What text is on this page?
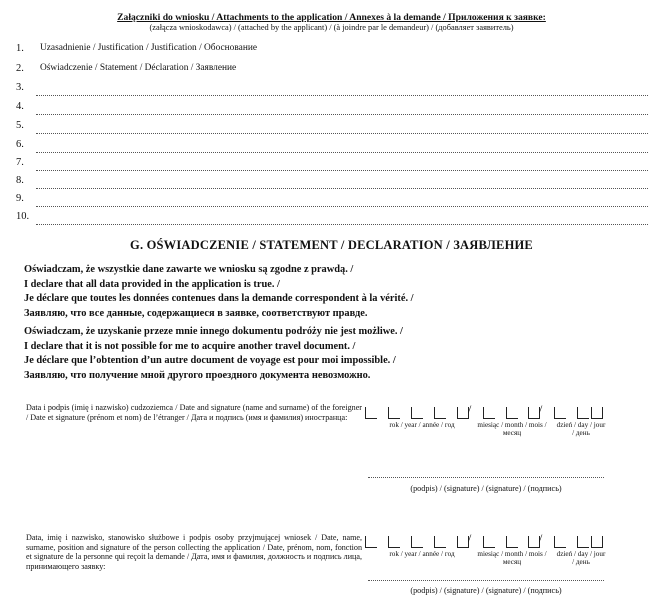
Załączniki do wniosku / Attachments to the application / Annexes à la demande / Приложения к заявке:
(załącza wnioskodawca) / (attached by the applicant) / (à joindre par le demandeur) / (добавляет заявитель)
1. Uzasadnienie / Justification / Justification / Обоснование
2. Oświadczenie / Statement / Déclaration / Заявление
3.
4.
5.
6.
7.
8.
9.
10.
G. OŚWIADCZENIE / STATEMENT / DECLARATION / ЗАЯВЛЕНИЕ
Oświadczam, że wszystkie dane zawarte we wniosku są zgodne z prawdą. /
I declare that all data provided in the application is true. /
Je déclare que toutes les données contenues dans la demande correspondent à la vérité. /
Заявляю, что все данные, содержащиеся в заявке, соответствуют правде.
Oświadczam, że uzyskanie przeze mnie innego dokumentu podróży nie jest możliwe. /
I declare that it is not possible for me to acquire another travel document. /
Je déclare que l’obtention d’un autre document de voyage est pour moi impossible. /
Заявляю, что получение мной другого проездного документа невозможно.
Data i podpis (imię i nazwisko) cudzoziemca / Date and signature (name and surname) of the foreigner / Date et signature (prénom et nom) de l’étranger / Дата и подпись (имя и фамилия) иностранца:
/	/
rok / year / année / год	miesiąc / month / mois / месяц
dzień / day / jour / день
(podpis) / (signature) / (signature) / (подпись)
Data, imię i nazwisko, stanowisko służbowe i podpis osoby przyjmującej wniosek / Date, name, surname, position and signature of the person collecting the application / Date, prénom, nom, fonction et signature de la personne qui reçoit la demande / Дата, имя и фамилия, должность и подпись лица, принимающего заявку:
/	/
rok / year / année / год	miesiąc / month / mois / месяц
dzień / day / jour / день
(podpis) / (signature) / (signature) / (подпись)
